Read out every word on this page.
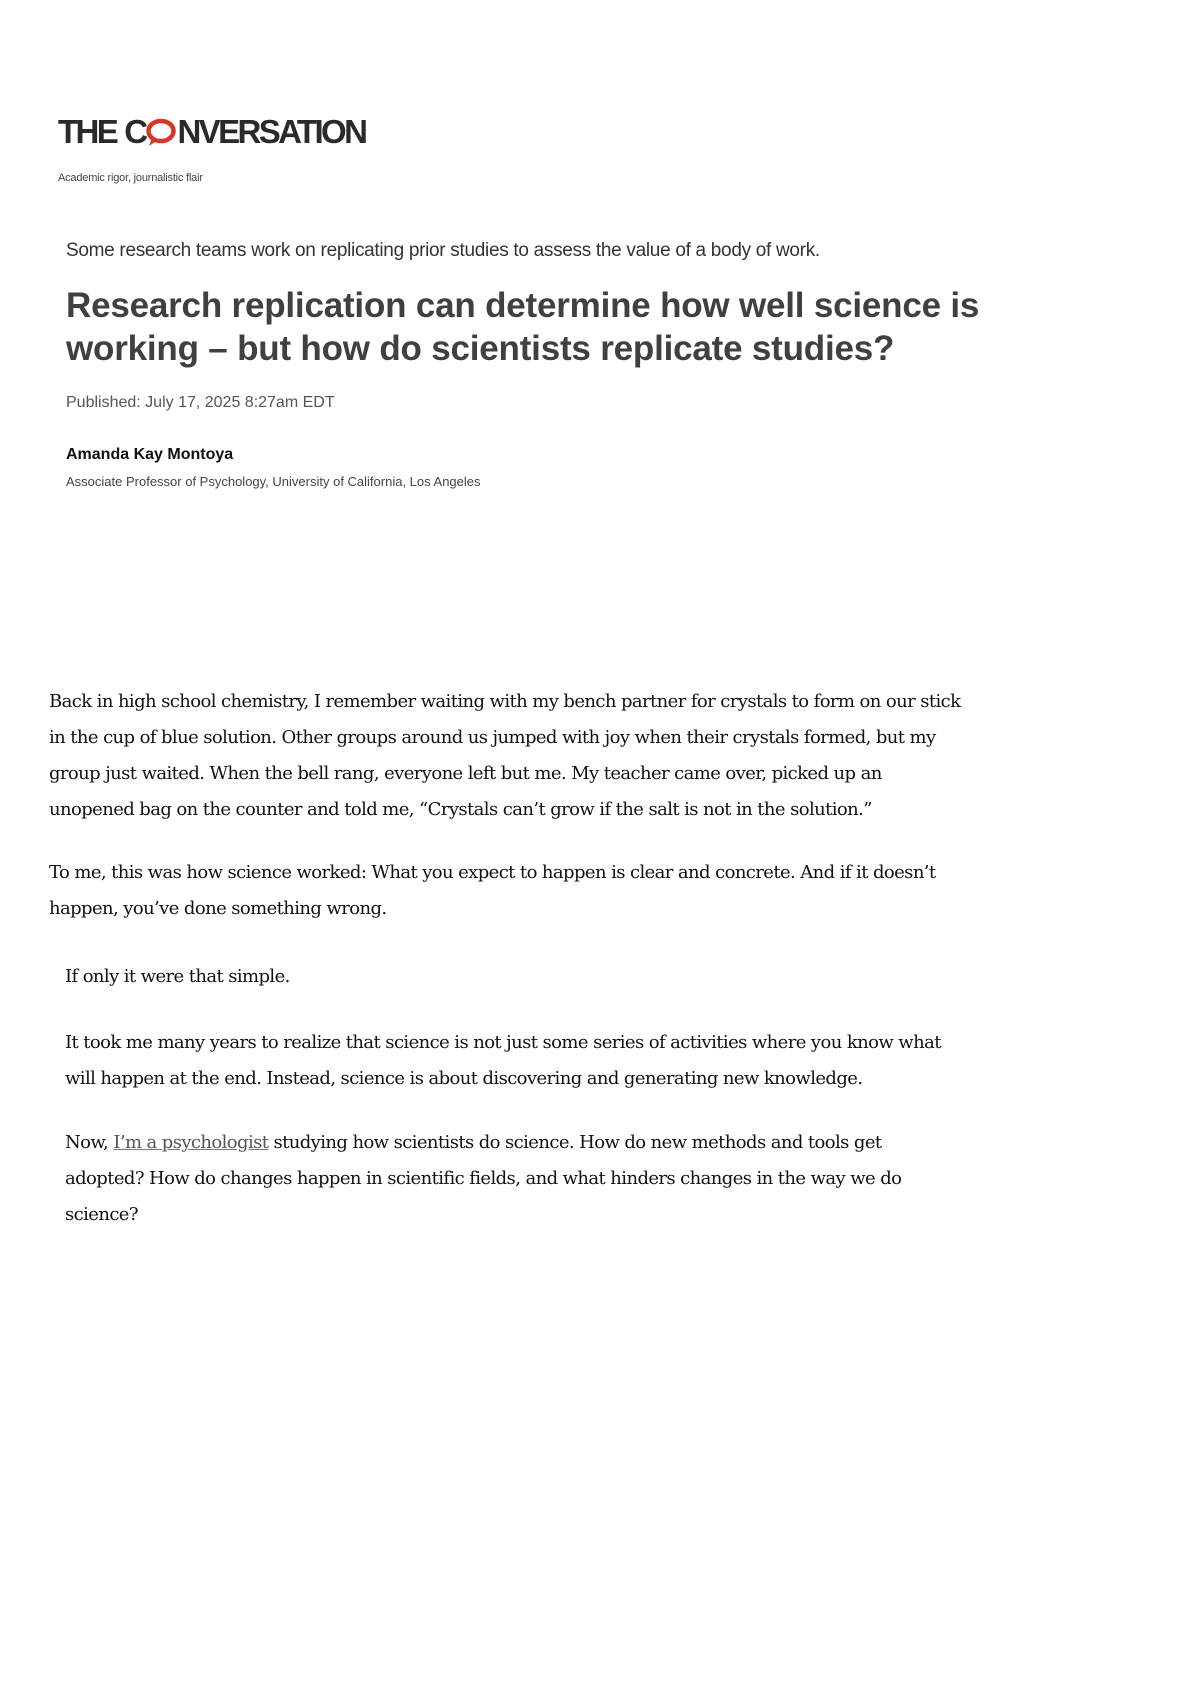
THE C NVERSATION
Academic rigor, journalistic flair

Some research teams work on replicating prior studies to assess the value of a body of work.

Research replication can determine how well science is working – but how do scientists replicate studies?

Published: July 17, 2025 8:27am EDT

Amanda Kay Montoya

Associate Professor of Psychology, University of California, Los Angeles

Back in high school chemistry, I remember waiting with my bench partner for crystals to form on our stick in the cup of blue solution. Other groups around us jumped with joy when their crystals formed, but my group just waited. When the bell rang, everyone left but me. My teacher came over, picked up an unopened bag on the counter and told me, “Crystals can’t grow if the salt is not in the solution.”

To me, this was how science worked: What you expect to happen is clear and concrete. And if it doesn’t happen, you’ve done something wrong.

If only it were that simple.

It took me many years to realize that science is not just some series of activities where you know what will happen at the end. Instead, science is about discovering and generating new knowledge.

Now, I’m a psychologist studying how scientists do science. How do new methods and tools get adopted? How do changes happen in scientific fields, and what hinders changes in the way we do science?
